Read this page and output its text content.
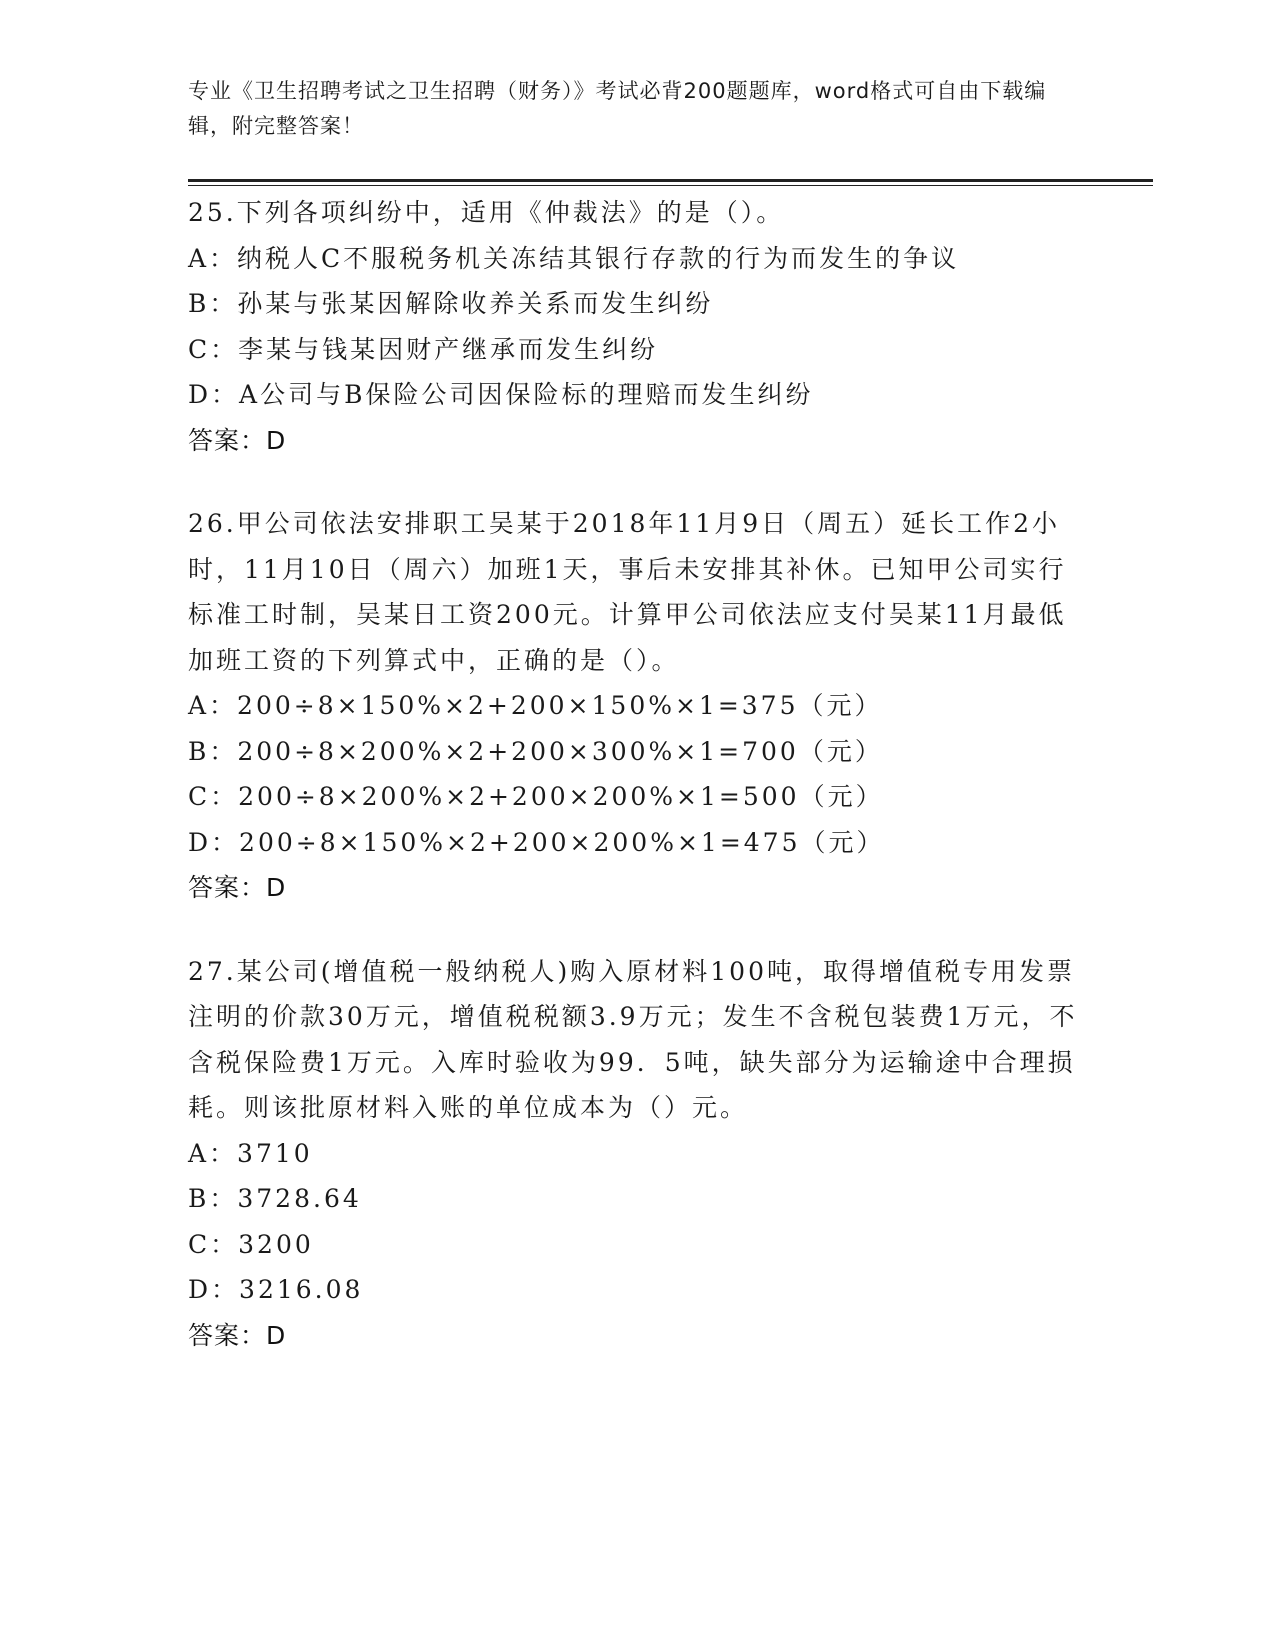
专业《卫生招聘考试之卫生招聘（财务）》考试必背200题题库，word格式可自由下载编辑，附完整答案！

25.下列各项纠纷中，适用《仲裁法》的是（）。

A：纳税人C不服税务机关冻结其银行存款的行为而发生的争议

B：孙某与张某因解除收养关系而发生纠纷

C：李某与钱某因财产继承而发生纠纷

D：A公司与B保险公司因保险标的理赔而发生纠纷

答案：D

26.甲公司依法安排职工吴某于2018年11月9日（周五）延长工作2小时，11月10日（周六）加班1天，事后未安排其补休。已知甲公司实行标准工时制，吴某日工资200元。计算甲公司依法应支付吴某11月最低加班工资的下列算式中，正确的是（）。

A：200÷8×150%×2+200×150%×1=375（元）

B：200÷8×200%×2+200×300%×1=700（元）

C：200÷8×200%×2+200×200%×1=500（元）

D：200÷8×150%×2+200×200%×1=475（元）

答案：D

27.某公司(增值税一般纳税人)购入原材料100吨，取得增值税专用发票注明的价款30万元，增值税税额3.9万元；发生不含税包装费1万元，不含税保险费1万元。入库时验收为99．5吨，缺失部分为运输途中合理损耗。则该批原材料入账的单位成本为（）元。

A：3710

B：3728.64

C：3200

D：3216.08

答案：D
